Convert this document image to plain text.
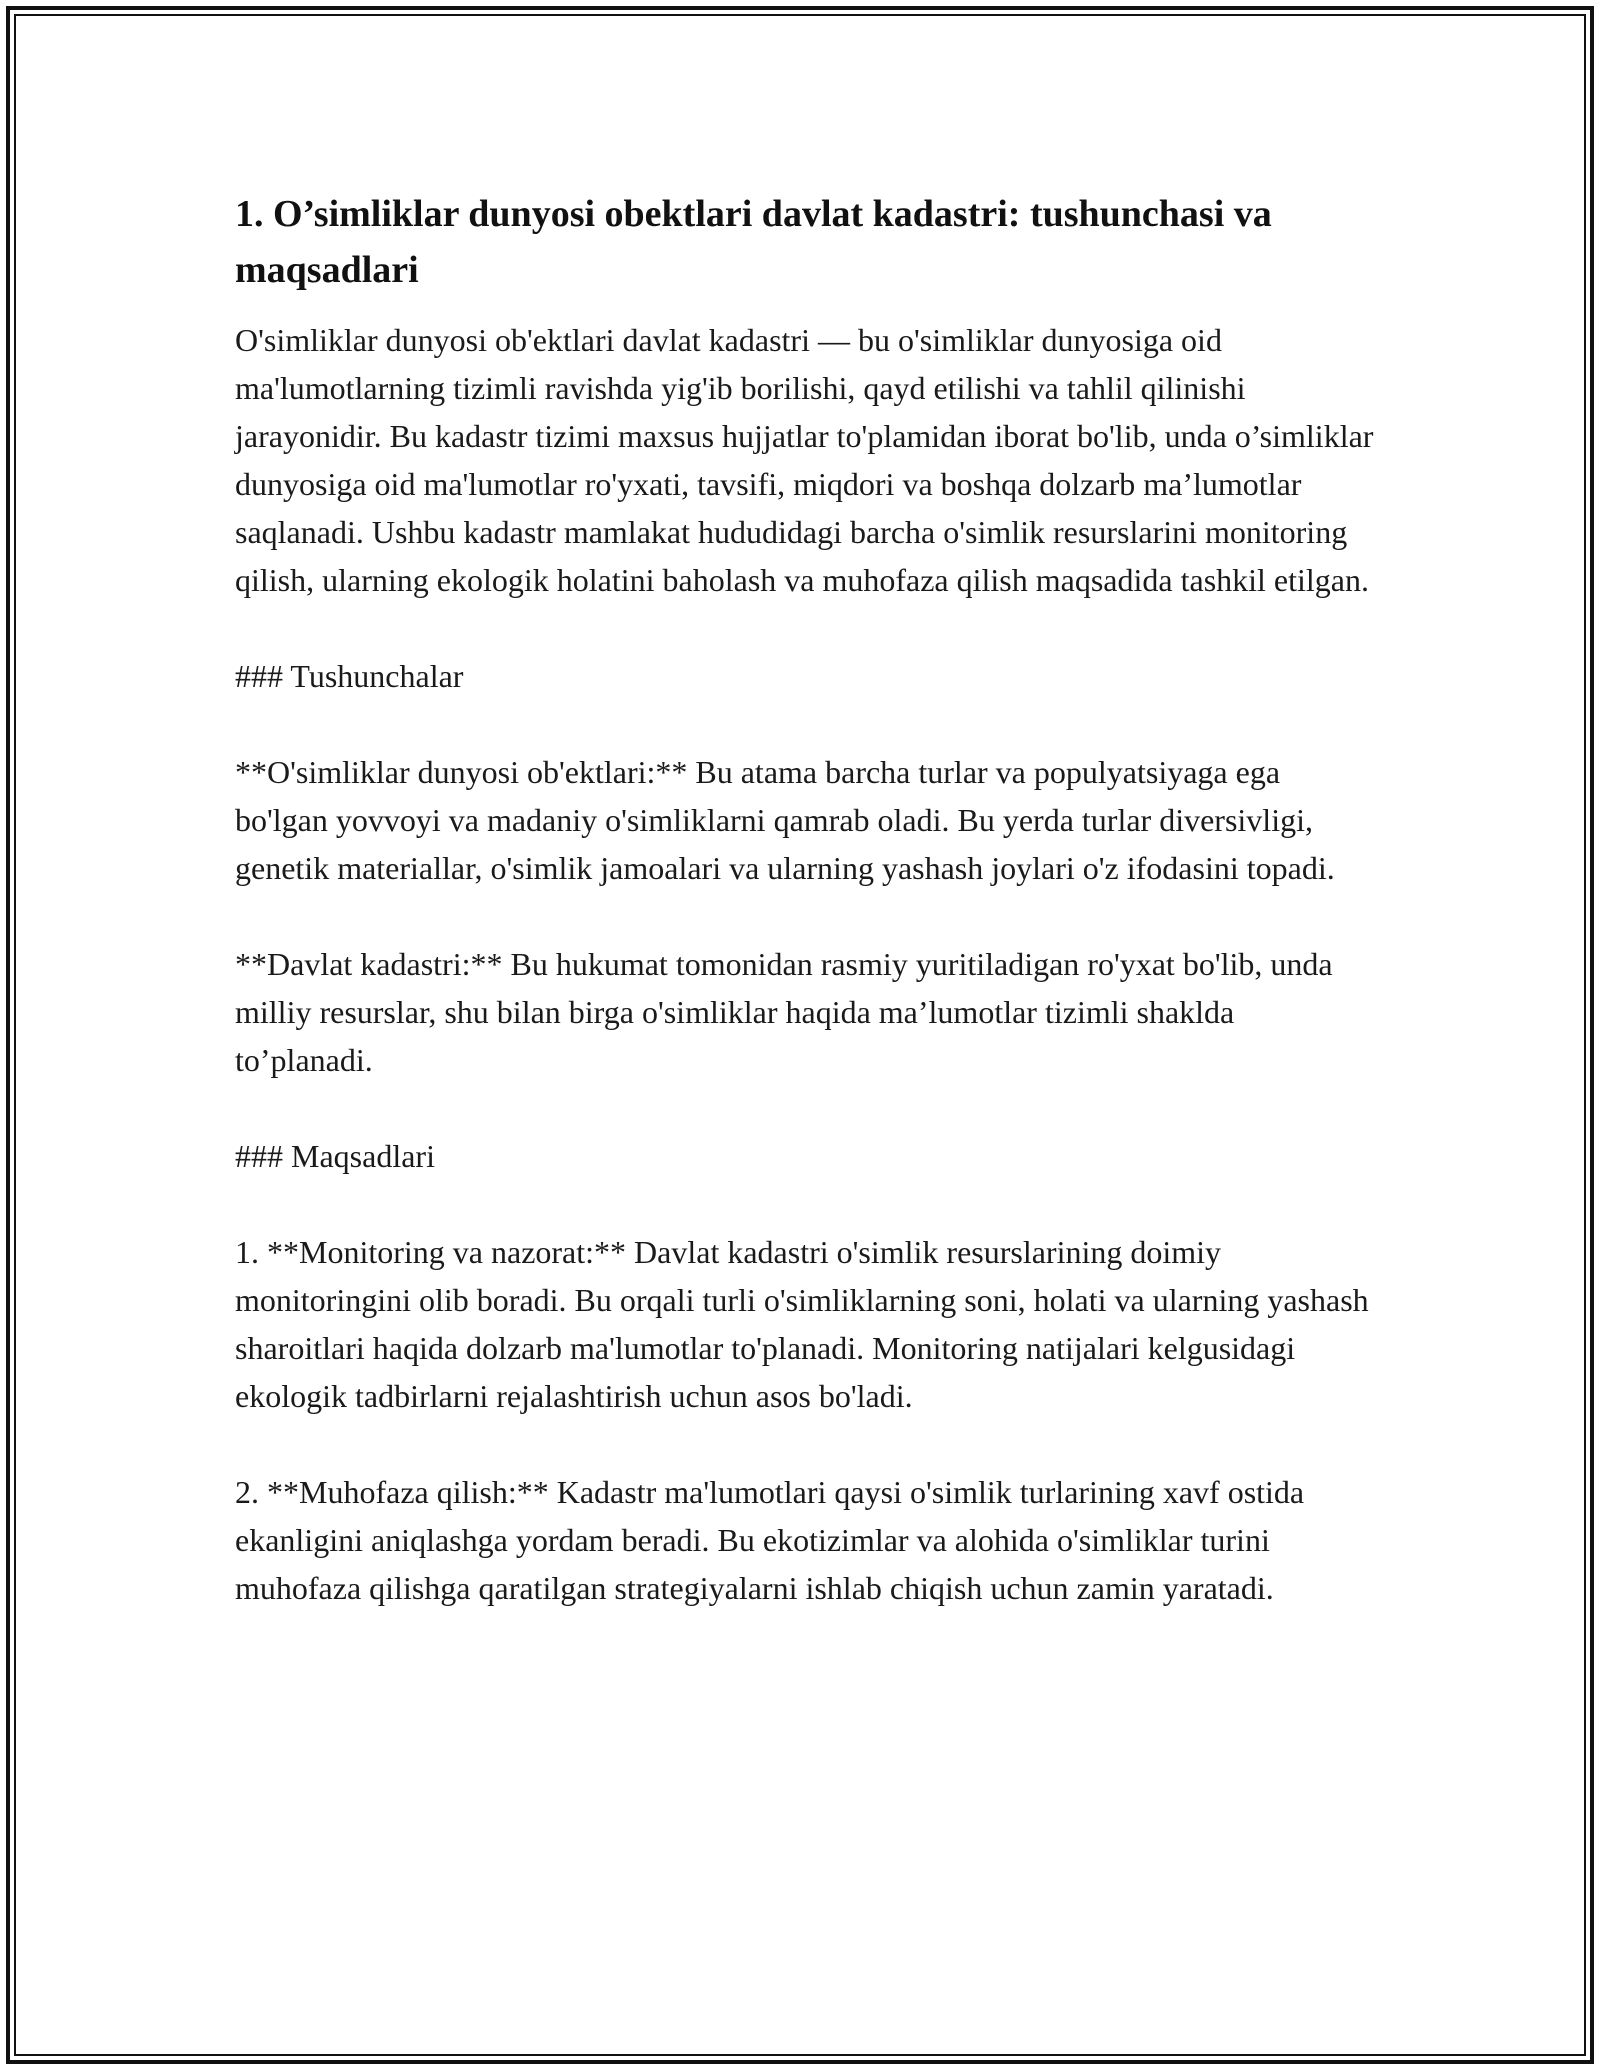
1. O’simliklar dunyosi obektlari davlat kadastri: tushunchasi va maqsadlari

O'simliklar dunyosi ob'ektlari davlat kadastri — bu o'simliklar dunyosiga oid ma'lumotlarning tizimli ravishda yig'ib borilishi, qayd etilishi va tahlil qilinishi jarayonidir. Bu kadastr tizimi maxsus hujjatlar to'plamidan iborat bo'lib, unda o’simliklar dunyosiga oid ma'lumotlar ro'yxati, tavsifi, miqdori va boshqa dolzarb ma’lumotlar saqlanadi. Ushbu kadastr mamlakat hududidagi barcha o'simlik resurslarini monitoring qilish, ularning ekologik holatini baholash va muhofaza qilish maqsadida tashkil etilgan.

### Tushunchalar

**O'simliklar dunyosi ob'ektlari:** Bu atama barcha turlar va populyatsiyaga ega bo'lgan yovvoyi va madaniy o'simliklarni qamrab oladi. Bu yerda turlar diversivligi, genetik materiallar, o'simlik jamoalari va ularning yashash joylari o'z ifodasini topadi.

**Davlat kadastri:** Bu hukumat tomonidan rasmiy yuritiladigan ro'yxat bo'lib, unda milliy resurslar, shu bilan birga o'simliklar haqida ma’lumotlar tizimli shaklda to’planadi.

### Maqsadlari

1. **Monitoring va nazorat:** Davlat kadastri o'simlik resurslarining doimiy monitoringini olib boradi. Bu orqali turli o'simliklarning soni, holati va ularning yashash sharoitlari haqida dolzarb ma'lumotlar to'planadi. Monitoring natijalari kelgusidagi ekologik tadbirlarni rejalashtirish uchun asos bo'ladi.

2. **Muhofaza qilish:** Kadastr ma'lumotlari qaysi o'simlik turlarining xavf ostida ekanligini aniqlashga yordam beradi. Bu ekotizimlar va alohida o'simliklar turini muhofaza qilishga qaratilgan strategiyalarni ishlab chiqish uchun zamin yaratadi.
